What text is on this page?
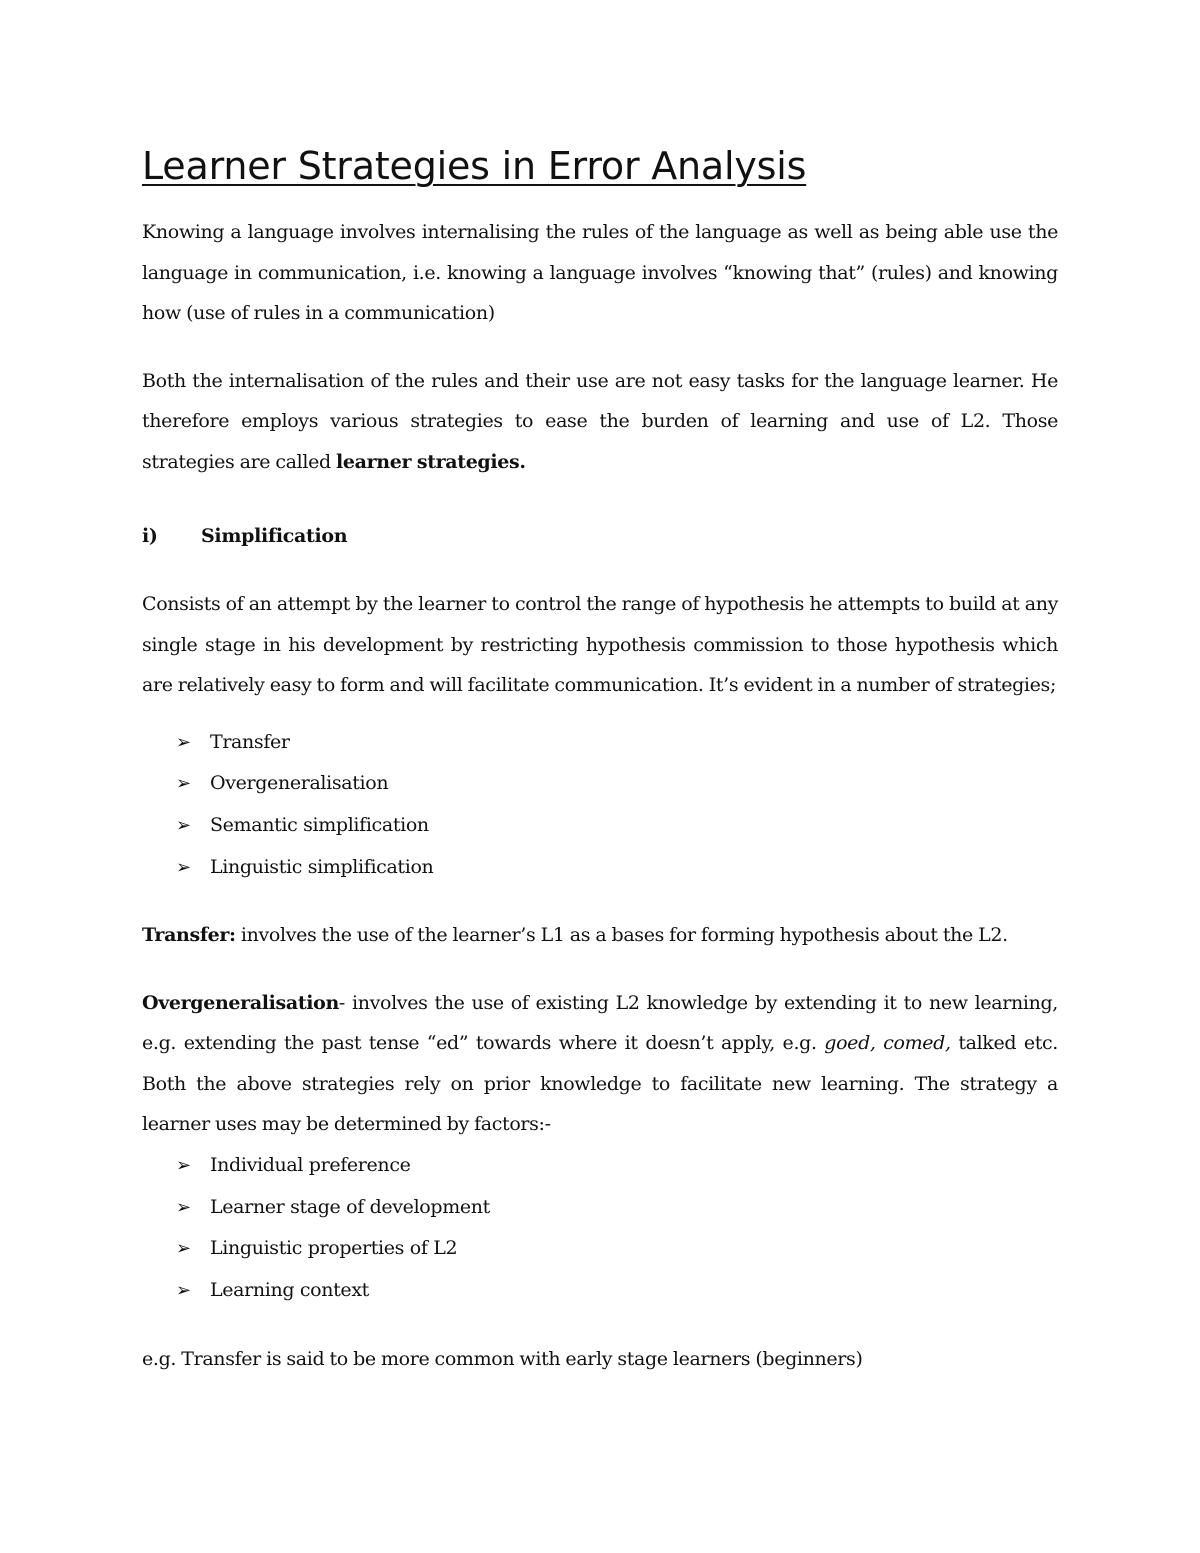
Learner Strategies in Error Analysis

Knowing a language involves internalising the rules of the language as well as being able use the language in communication, i.e. knowing a language involves “knowing that” (rules) and knowing how (use of rules in a communication)

Both the internalisation of the rules and their use are not easy tasks for the language learner. He therefore employs various strategies to ease the burden of learning and use of L2. Those strategies are called learner strategies.

i)	Simplification

Consists of an attempt by the learner to control the range of hypothesis he attempts to build at any single stage in his development by restricting hypothesis commission to those hypothesis which are relatively easy to form and will facilitate communication. It’s evident in a number of strategies;

➢	Transfer
➢	Overgeneralisation
➢	Semantic simplification
➢	Linguistic simplification

Transfer: involves the use of the learner’s L1 as a bases for forming hypothesis about the L2.

Overgeneralisation- involves the use of existing L2 knowledge by extending it to new learning, e.g. extending the past tense “ed” towards where it doesn’t apply, e.g. goed, comed, talked etc. Both the above strategies rely on prior knowledge to facilitate new learning. The strategy a learner uses may be determined by factors:-

➢	Individual preference
➢	Learner stage of development
➢	Linguistic properties of L2
➢	Learning context

e.g. Transfer is said to be more common with early stage learners (beginners)
